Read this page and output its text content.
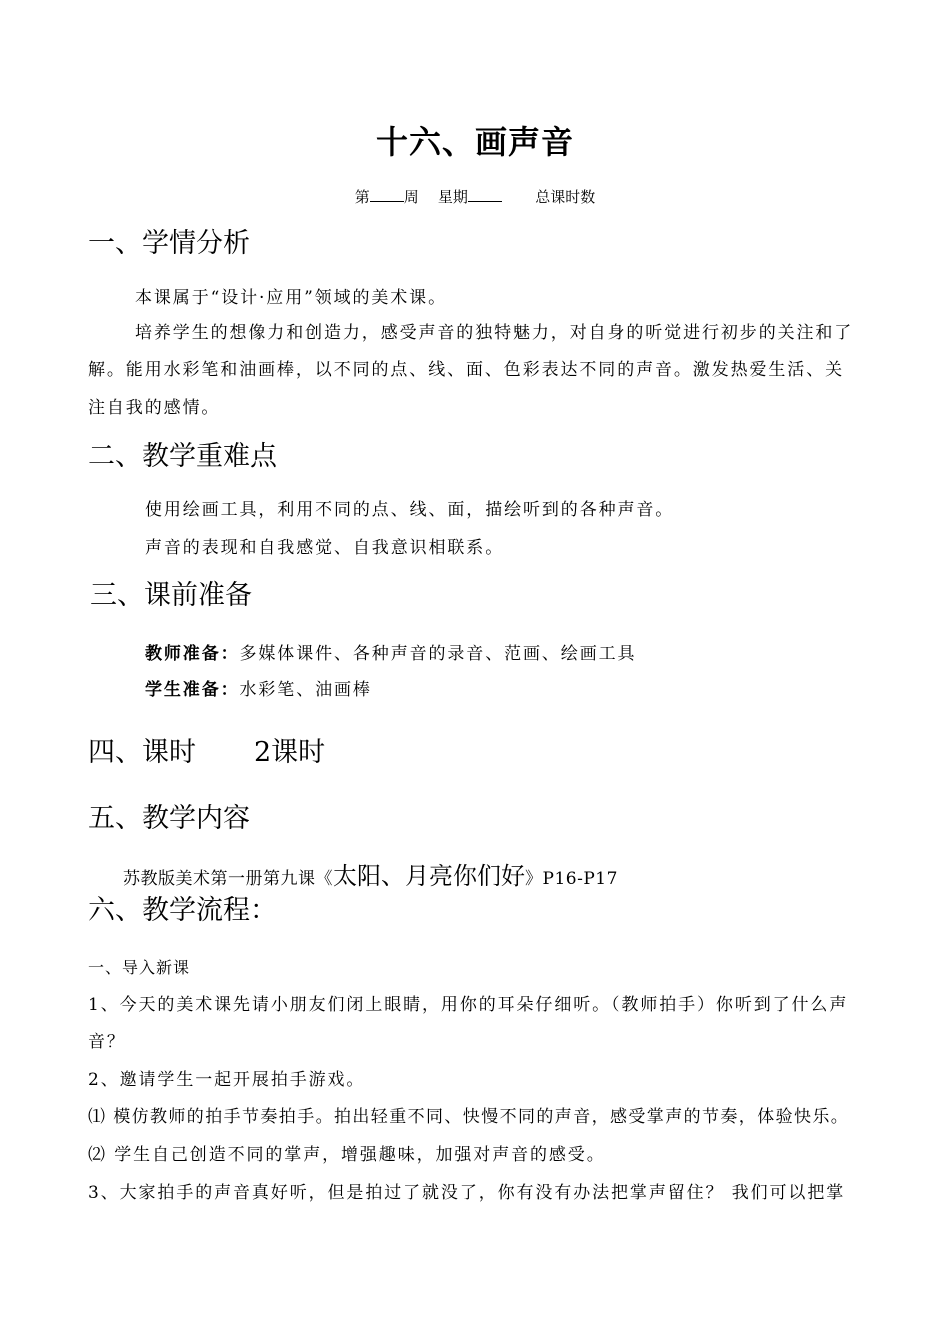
十六、画声音
第 周 星期	总课时数
一、学情分析
本课属于“设计·应用”领域的美术课。
培养学生的想像力和创造力，感受声音的独特魅力，对自身的听觉进行初步的关注和了
解。能用水彩笔和油画棒，以不同的点、线、面、色彩表达不同的声音。激发热爱生活、关
注自我的感情。
二、教学重难点
使用绘画工具，利用不同的点、线、面，描绘听到的各种声音。
声音的表现和自我感觉、自我意识相联系。
三、课前准备
教师准备：多媒体课件、各种声音的录音、范画、绘画工具
学生准备：水彩笔、油画棒
四、课时 2课时
五、教学内容
苏教版美术第一册第九课《太阳、月亮你们好》P16-P17
六、教学流程：
一、导入新课
1、今天的美术课先请小朋友们闭上眼睛，用你的耳朵仔细听。（教师拍手）你听到了什么声
音？
2、邀请学生一起开展拍手游戏。
⑴ 模仿教师的拍手节奏拍手。拍出轻重不同、快慢不同的声音，感受掌声的节奏，体验快乐。
⑵ 学生自己创造不同的掌声，增强趣味，加强对声音的感受。
3、大家拍手的声音真好听，但是拍过了就没了，你有没有办法把掌声留住？ 我们可以把掌
